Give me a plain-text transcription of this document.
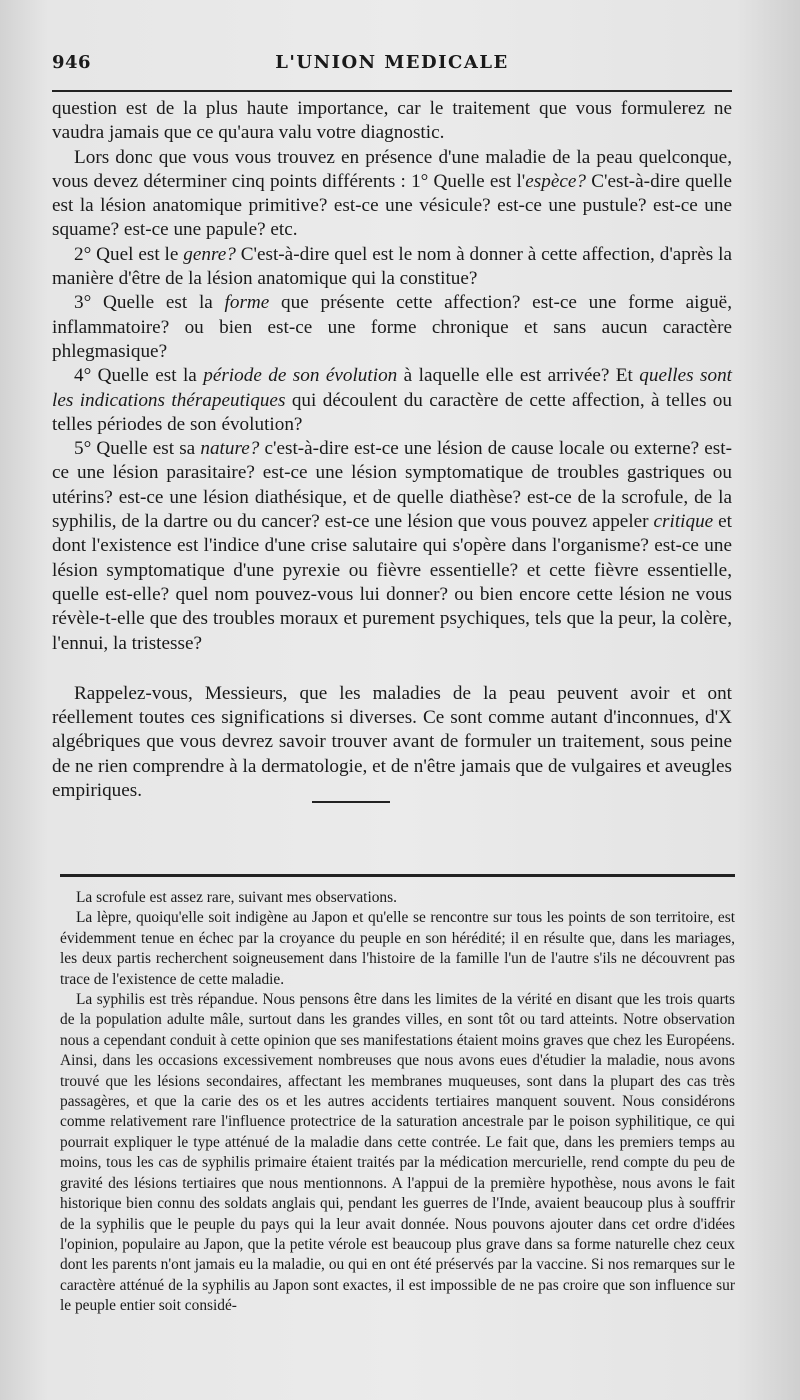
946	L'UNION MEDICALE

question est de la plus haute importance, car le traitement que vous formulerez ne vaudra jamais que ce qu'aura valu votre diagnostic.

Lors donc que vous vous trouvez en présence d'une maladie de la peau quelconque, vous devez déterminer cinq points différents : 1° Quelle est l'espèce? C'est-à-dire quelle est la lésion anatomique primitive? est-ce une vésicule? est-ce une pustule? est-ce une squame? est-ce une papule? etc.

2° Quel est le genre? C'est-à-dire quel est le nom à donner à cette affection, d'après la manière d'être de la lésion anatomique qui la constitue?

3° Quelle est la forme que présente cette affection? est-ce une forme aiguë, inflammatoire? ou bien est-ce une forme chronique et sans aucun caractère phlegmasique?

4° Quelle est la période de son évolution à laquelle elle est arrivée? Et quelles sont les indications thérapeutiques qui découlent du caractère de cette affection, à telles ou telles périodes de son évolution?

5° Quelle est sa nature? c'est-à-dire est-ce une lésion de cause locale ou externe? est-ce une lésion parasitaire? est-ce une lésion symptomatique de troubles gastriques ou utérins? est-ce une lésion diathésique, et de quelle diathèse? est-ce de la scrofule, de la syphilis, de la dartre ou du cancer? est-ce une lésion que vous pouvez appeler critique et dont l'existence est l'indice d'une crise salutaire qui s'opère dans l'organisme? est-ce une lésion symptomatique d'une pyrexie ou fièvre essentielle? et cette fièvre essentielle, quelle est-elle? quel nom pouvez-vous lui donner? ou bien encore cette lésion ne vous révèle-t-elle que des troubles moraux et purement psychiques, tels que la peur, la colère, l'ennui, la tristesse?

Rappelez-vous, Messieurs, que les maladies de la peau peuvent avoir et ont réellement toutes ces significations si diverses. Ce sont comme autant d'inconnues, d'X algébriques que vous devrez savoir trouver avant de formuler un traitement, sous peine de ne rien comprendre à la dermatologie, et de n'être jamais que de vulgaires et aveugles empiriques.

La scrofule est assez rare, suivant mes observations.

La lèpre, quoiqu'elle soit indigène au Japon et qu'elle se rencontre sur tous les points de son territoire, est évidemment tenue en échec par la croyance du peuple en son hérédité; il en résulte que, dans les mariages, les deux partis recherchent soigneusement dans l'histoire de la famille l'un de l'autre s'ils ne découvrent pas trace de l'existence de cette maladie.

La syphilis est très répandue. Nous pensons être dans les limites de la vérité en disant que les trois quarts de la population adulte mâle, surtout dans les grandes villes, en sont tôt ou tard atteints. Notre observation nous a cependant conduit à cette opinion que ses manifestations étaient moins graves que chez les Européens. Ainsi, dans les occasions excessivement nombreuses que nous avons eues d'étudier la maladie, nous avons trouvé que les lésions secondaires, affectant les membranes muqueuses, sont dans la plupart des cas très passagères, et que la carie des os et les autres accidents tertiaires manquent souvent. Nous considérons comme relativement rare l'influence protectrice de la saturation ancestrale par le poison syphilitique, ce qui pourrait expliquer le type atténué de la maladie dans cette contrée. Le fait que, dans les premiers temps au moins, tous les cas de syphilis primaire étaient traités par la médication mercurielle, rend compte du peu de gravité des lésions tertiaires que nous mentionnons. A l'appui de la première hypothèse, nous avons le fait historique bien connu des soldats anglais qui, pendant les guerres de l'Inde, avaient beaucoup plus à souffrir de la syphilis que le peuple du pays qui la leur avait donnée. Nous pouvons ajouter dans cet ordre d'idées l'opinion, populaire au Japon, que la petite vérole est beaucoup plus grave dans sa forme naturelle chez ceux dont les parents n'ont jamais eu la maladie, ou qui en ont été préservés par la vaccine. Si nos remarques sur le caractère atténué de la syphilis au Japon sont exactes, il est impossible de ne pas croire que son influence sur le peuple entier soit considé-
